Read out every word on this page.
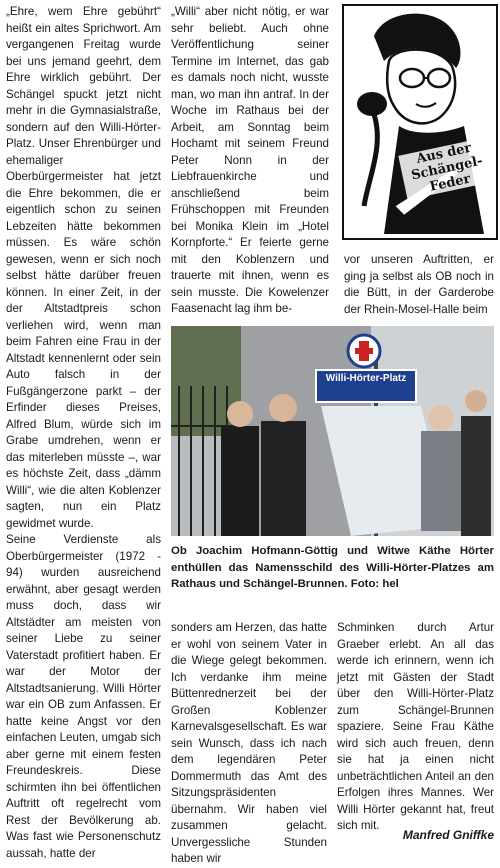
„Ehre, wem Ehre gebührt“ heißt ein altes Sprichwort. Am vergangenen Freitag wurde bei uns jemand geehrt, dem Ehre wirklich gebührt. Der Schängel spuckt jetzt nicht mehr in die Gymnasialstraße, sondern auf den Willi-Hörter-Platz. Unser Ehrenbürger und ehemaliger Oberbürgermeister hat jetzt die Ehre bekommen, die er eigentlich schon zu seinen Lebzeiten hätte bekommen müssen. Es wäre schön gewesen, wenn er sich noch selbst hätte darüber freuen können. In einer Zeit, in der der Altstadtpreis schon verliehen wird, wenn man beim Fahren eine Frau in der Altstadt kennenlernt oder sein Auto falsch in der Fußgängerzone parkt – der Erfinder dieses Preises, Alfred Blum, würde sich im Grabe umdrehen, wenn er das miterleben müsste –, war es höchste Zeit, dass „dämm Willi“, wie die alten Koblenzer sagten, nun ein Platz gewidmet wurde.

Seine Verdienste als Oberbürgermeister (1972 - 94) wurden ausreichend erwähnt, aber gesagt werden muss doch, dass wir Altstädter am meisten von seiner Liebe zu seiner Vaterstadt profitiert haben. Er war der Motor der Altstadtsanierung. Willi Hörter war ein OB zum Anfassen. Er hatte keine Angst vor den einfachen Leuten, umgab sich aber gerne mit einem festen Freundeskreis. Diese schirmten ihn bei öffentlichen Auftritt oft regelrecht vom Rest der Bevölkerung ab. Was fast wie Personenschutz aussah, hatte der

„Willi“ aber nicht nötig, er war sehr beliebt. Auch ohne Veröffentlichung seiner Termine im Internet, das gab es damals noch nicht, wusste man, wo man ihn antraf. In der Woche im Rathaus bei der Arbeit, am Sonntag beim Hochamt mit seinem Freund Peter Nonn in der Liebfrauenkirche und anschließend beim Frühschoppen mit Freunden bei Monika Klein im „Hotel Kornpforte.“ Er feierte gerne mit den Koblenzern und trauerte mit ihnen, wenn es sein musste. Die Kowelenzer Faasenacht lag ihm be-

Aus der Schängel-Feder

vor unseren Auftritten, er ging ja selbst als OB noch in die Bütt, in der Garderobe der Rhein-Mosel-Halle beim

Willi-Hörter-Platz
Ob Joachim Hofmann-Göttig und Witwe Käthe Hörter enthüllen das Namensschild des Willi-Hörter-Platzes am Rathaus und Schängel-Brunnen. Foto: hel

sonders am Herzen, das hatte er wohl von seinem Vater in die Wiege gelegt bekommen. Ich verdanke ihm meine Büttenrednerzeit bei der Großen Koblenzer Karnevalsgesellschaft. Es war sein Wunsch, dass ich nach dem legendären Peter Dommermuth das Amt des Sitzungspräsidenten übernahm. Wir haben viel zusammen gelacht. Unvergessliche Stunden haben wir

Schminken durch Artur Graeber erlebt. An all das werde ich erinnern, wenn ich jetzt mit Gästen der Stadt über den Willi-Hörter-Platz zum Schängel-Brunnen spaziere. Seine Frau Käthe wird sich auch freuen, denn sie hat ja einen nicht unbeträchtlichen Anteil an den Erfolgen ihres Mannes. Wer Willi Hörter gekannt hat, freut sich mit.

Manfred Gniffke
